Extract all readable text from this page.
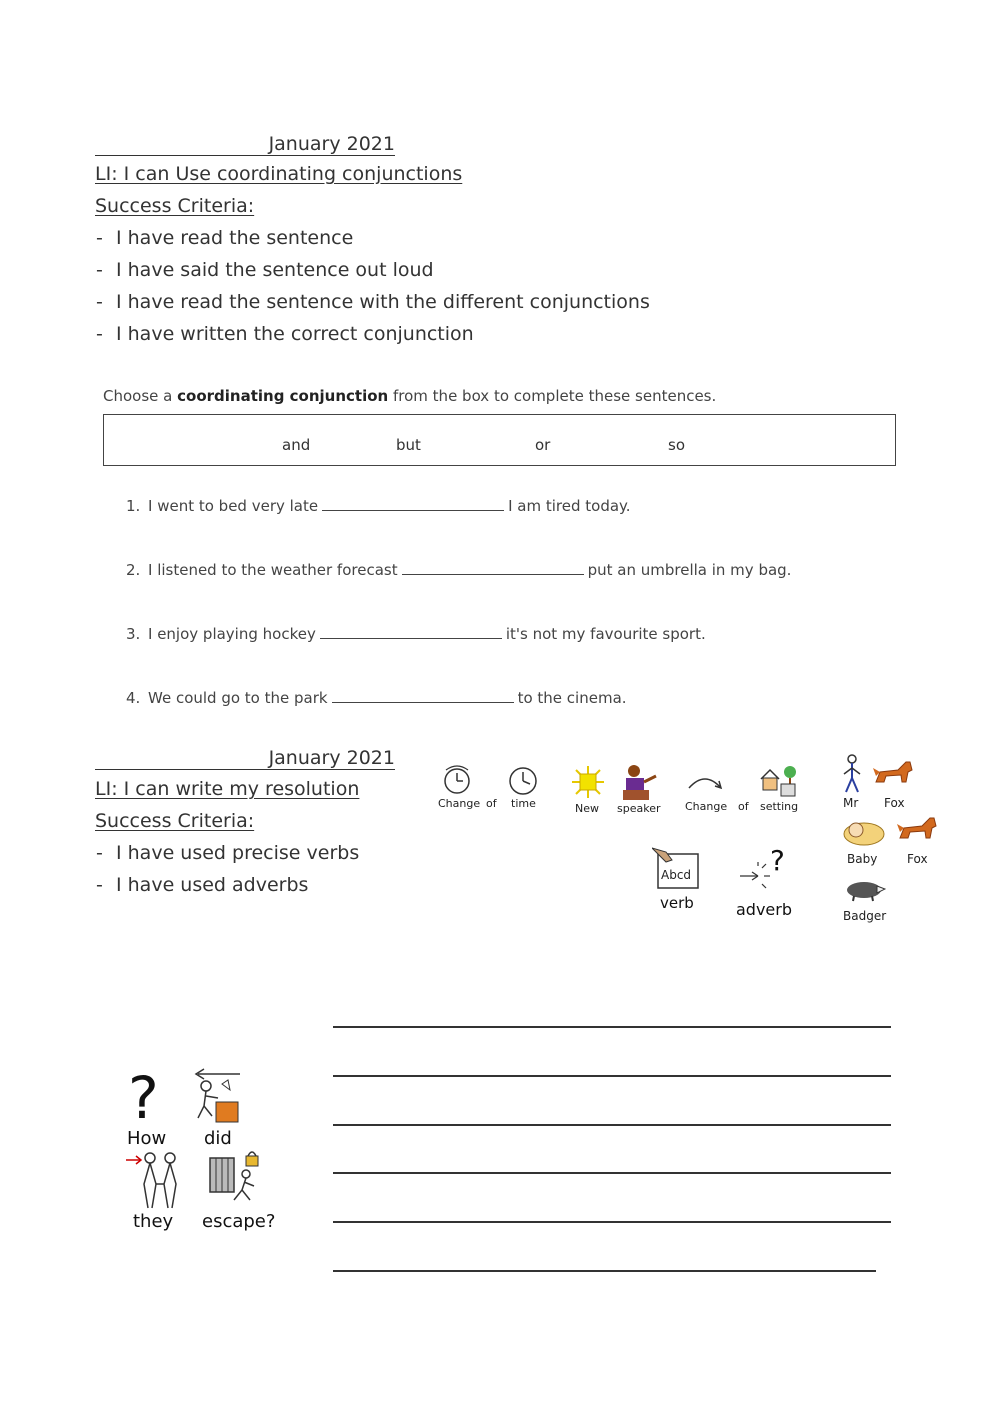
January 2021
LI: I can Use coordinating conjunctions
Success Criteria:
- I have read the sentence
- I have said the sentence out loud
- I have read the sentence with the different conjunctions
- I have written the correct conjunction
Choose a coordinating conjunction from the box to complete these sentences.
and	but	or	so
1. I went to bed very late	I am tired today.
2. I listened to the weather forecast	put an umbrella in my bag.
3. I enjoy playing hockey	it's not my favourite sport.
4. We could go to the park	to the cinema.
January 2021
LI: I can write my resolution
Success Criteria:
- I have used precise verbs
- I have used adverbs
Change of time	New speaker Change of setting	Mr Fox
Baby Fox
Badger
Abcd
verb
?
adverb
?
How did
they escape?
